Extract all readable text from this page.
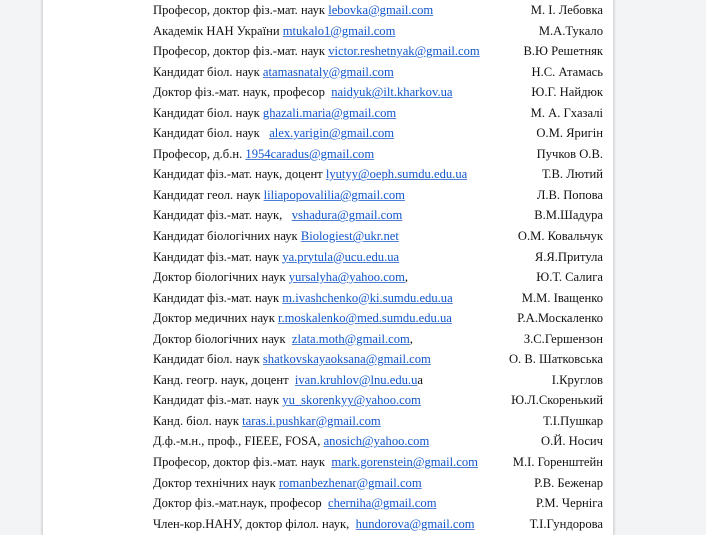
Професор, доктор фіз.-мат. наук lebovka@gmail.com	М. І. Лебовка
Академік НАН України mtukalo1@gmail.com	М.А.Тукало
Професор, доктор фіз.-мат. наук victor.reshetnyak@gmail.com	В.Ю Решетняк
Кандидат біол. наук atamasnataly@gmail.com	Н.С. Атамась
Доктор фіз.-мат. наук, професор  naidyuk@ilt.kharkov.ua	Ю.Г. Найдюк
Кандидат біол. наук ghazali.maria@gmail.com	М. А. Гхазалі
Кандидат біол. наук   alex.yarigin@gmail.com	О.М. Яригін
Професор, д.б.н. 1954caradus@gmail.com	Пучков О.В.
Кандидат фіз.-мат. наук, доцент lyutyy@oeph.sumdu.edu.ua	Т.В. Лютий
Кандидат геол. наук liliapopovalilia@gmail.com	Л.В. Попова
Кандидат фіз.-мат. наук,   vshadura@gmail.com	В.М.Шадура
Кандидат біологічних наук Biologiest@ukr.net	О.М. Ковальчук
Кандидат фіз.-мат. наук ya.prytula@ucu.edu.ua	Я.Я.Притула
Доктор біологічних наук yursalyha@yahoo.com,	Ю.Т. Салига
Кандидат фіз.-мат. наук m.ivashchenko@ki.sumdu.edu.ua	М.М. Іващенко
Доктор медичних наук r.moskalenko@med.sumdu.edu.ua	Р.А.Москаленко
Доктор біологічних наук  zlata.moth@gmail.com,	З.С.Гершензон
Кандидат біол. наук shatkovskayaoksana@gmail.com	О. В. Шатковська
Канд. геогр. наук, доцент  ivan.kruhlov@lnu.edu.ua	І.Круглов
Кандидат фіз.-мат. наук yu_skorenkyy@yahoo.com	Ю.Л.Скоренький
Канд. біол. наук taras.i.pushkar@gmail.com	Т.І.Пушкар
Д.ф.-м.н., проф., FIEEE, FOSA, anosich@yahoo.com	О.Й. Носич
Професор, доктор фіз.-мат. наук  mark.gorenstein@gmail.com	М.І. Горенштейн
Доктор технічних наук romanbezhenar@gmail.com	Р.В. Беженар
Доктор фіз.-мат.наук, професор  cherniha@gmail.com	Р.М. Черніга
Член-кор.НАНУ, доктор філол. наук,  hundorova@gmail.com	Т.І.Гундорова
